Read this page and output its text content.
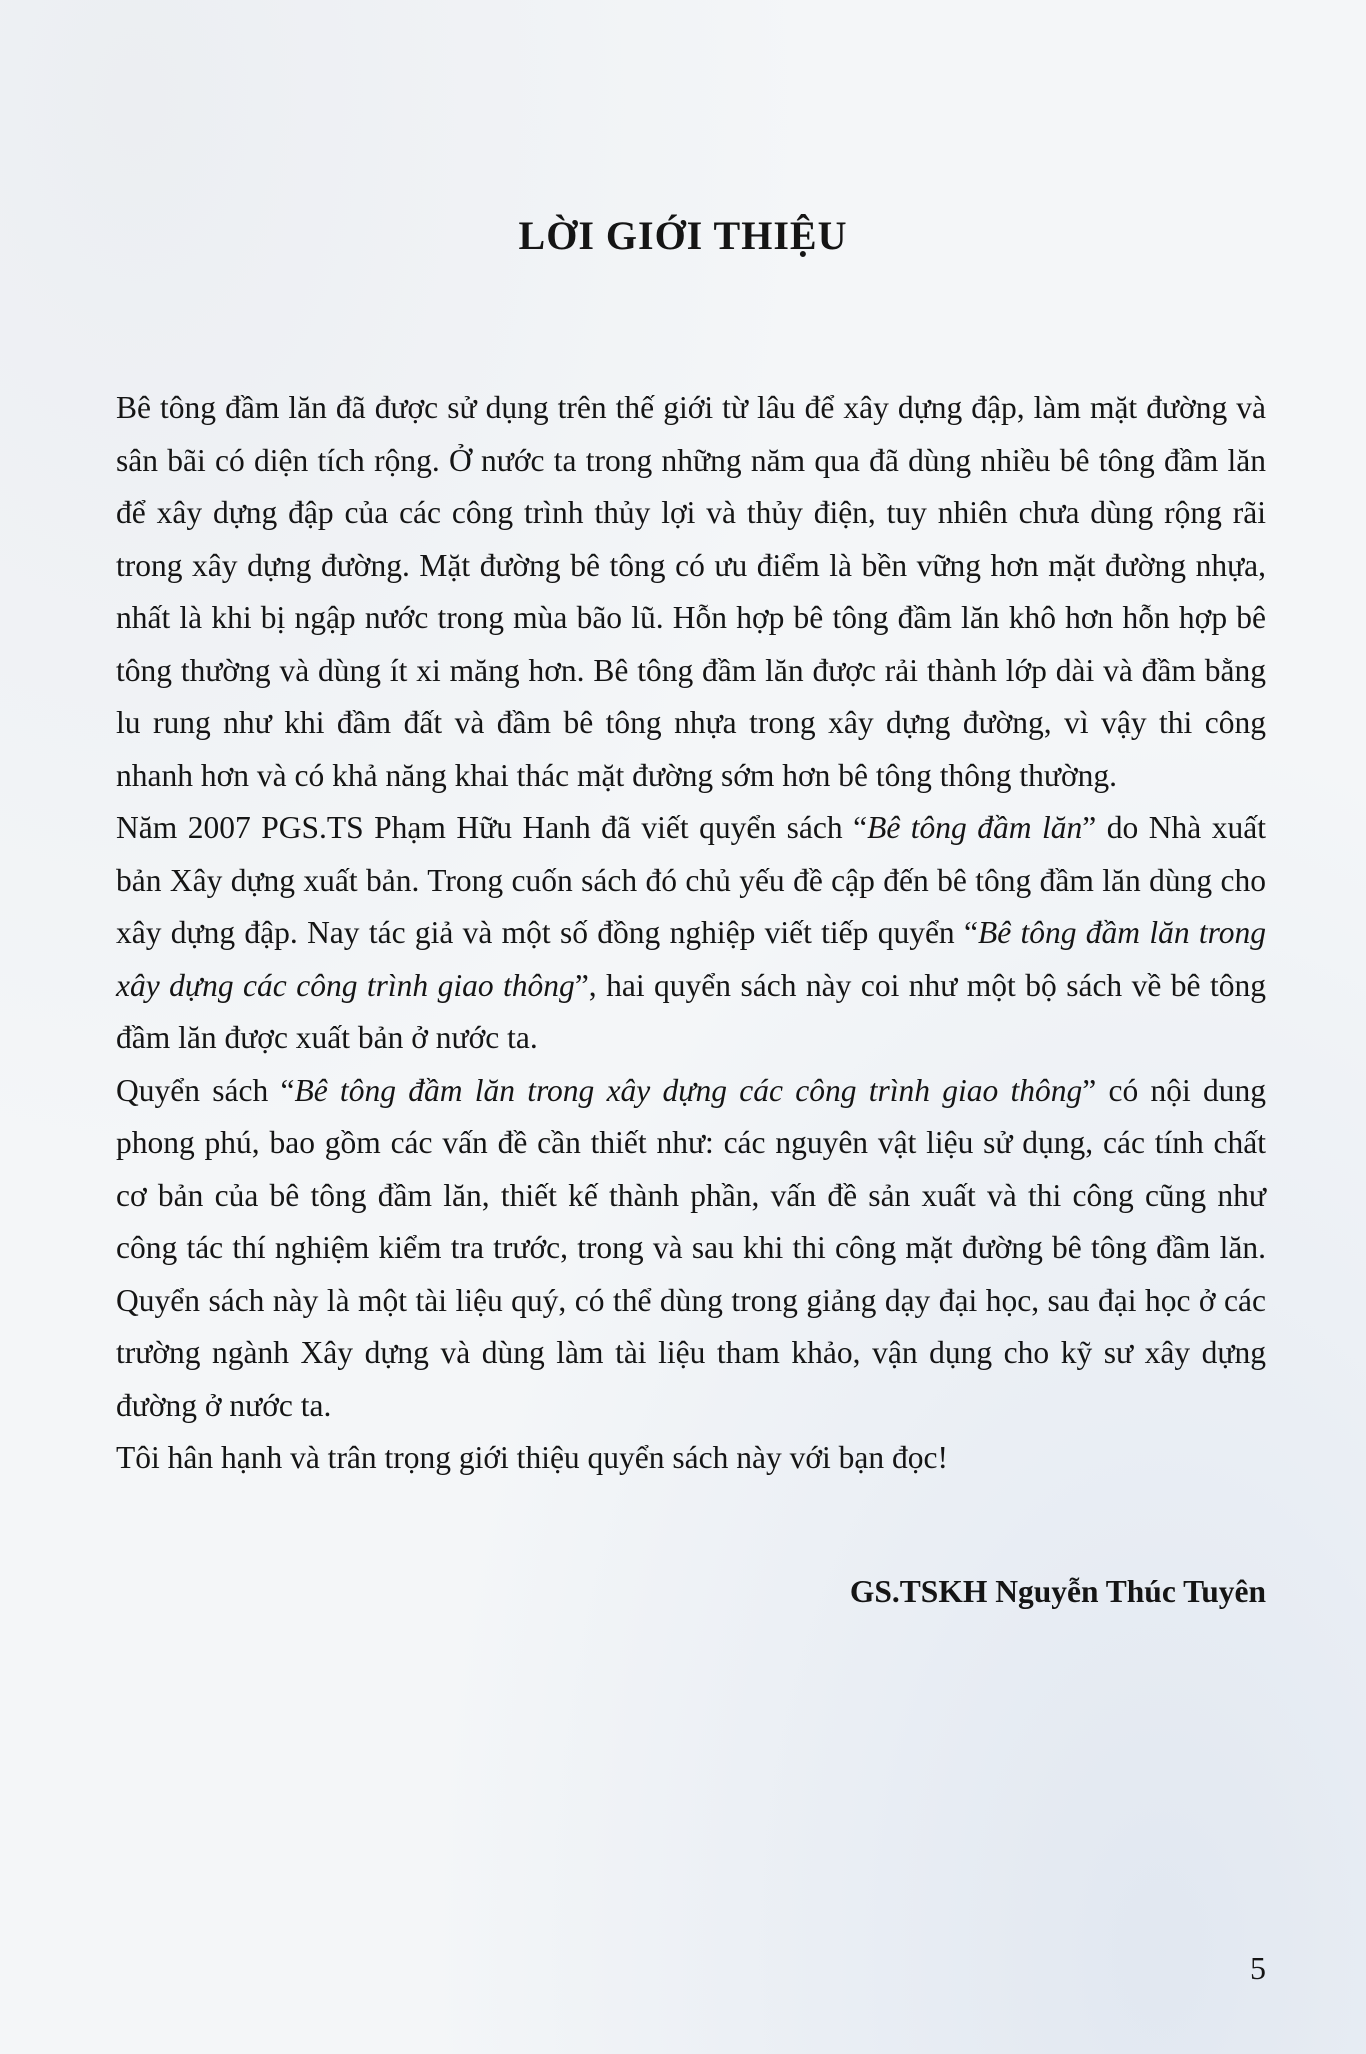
LỜI GIỚI THIỆU

Bê tông đầm lăn đã được sử dụng trên thế giới từ lâu để xây dựng đập, làm mặt đường và sân bãi có diện tích rộng. Ở nước ta trong những năm qua đã dùng nhiều bê tông đầm lăn để xây dựng đập của các công trình thủy lợi và thủy điện, tuy nhiên chưa dùng rộng rãi trong xây dựng đường. Mặt đường bê tông có ưu điểm là bền vững hơn mặt đường nhựa, nhất là khi bị ngập nước trong mùa bão lũ. Hỗn hợp bê tông đầm lăn khô hơn hỗn hợp bê tông thường và dùng ít xi măng hơn. Bê tông đầm lăn được rải thành lớp dài và đầm bằng lu rung như khi đầm đất và đầm bê tông nhựa trong xây dựng đường, vì vậy thi công nhanh hơn và có khả năng khai thác mặt đường sớm hơn bê tông thông thường.

Năm 2007 PGS.TS Phạm Hữu Hanh đã viết quyển sách “Bê tông đầm lăn” do Nhà xuất bản Xây dựng xuất bản. Trong cuốn sách đó chủ yếu đề cập đến bê tông đầm lăn dùng cho xây dựng đập. Nay tác giả và một số đồng nghiệp viết tiếp quyển “Bê tông đầm lăn trong xây dựng các công trình giao thông”, hai quyển sách này coi như một bộ sách về bê tông đầm lăn được xuất bản ở nước ta.

Quyển sách “Bê tông đầm lăn trong xây dựng các công trình giao thông” có nội dung phong phú, bao gồm các vấn đề cần thiết như: các nguyên vật liệu sử dụng, các tính chất cơ bản của bê tông đầm lăn, thiết kế thành phần, vấn đề sản xuất và thi công cũng như công tác thí nghiệm kiểm tra trước, trong và sau khi thi công mặt đường bê tông đầm lăn. Quyển sách này là một tài liệu quý, có thể dùng trong giảng dạy đại học, sau đại học ở các trường ngành Xây dựng và dùng làm tài liệu tham khảo, vận dụng cho kỹ sư xây dựng đường ở nước ta.

Tôi hân hạnh và trân trọng giới thiệu quyển sách này với bạn đọc!

GS.TSKH Nguyễn Thúc Tuyên
5
